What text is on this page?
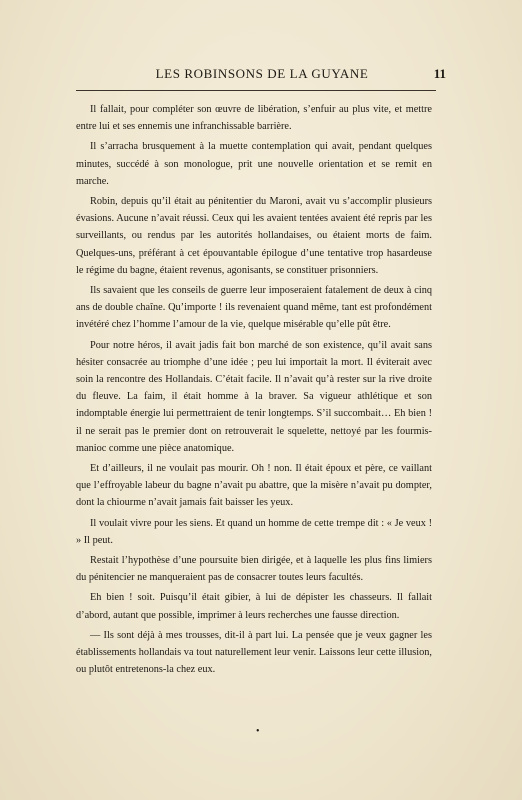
LES ROBINSONS DE LA GUYANE	11

Il fallait, pour compléter son œuvre de libération, s’enfuir au plus vite, et mettre entre lui et ses ennemis une infranchissable barrière.

Il s’arracha brusquement à la muette contemplation qui avait, pendant quelques minutes, succédé à son monologue, prit une nouvelle orientation et se remit en marche.

Robin, depuis qu’il était au pénitentier du Maroni, avait vu s’accomplir plusieurs évasions. Aucune n’avait réussi. Ceux qui les avaient tentées avaient été repris par les surveillants, ou rendus par les autorités hollandaises, ou étaient morts de faim. Quelques-uns, préférant à cet épouvantable épilogue d’une tentative trop hasardeuse le régime du bagne, étaient revenus, agonisants, se constituer prisonniers.

Ils savaient que les conseils de guerre leur imposeraient fatalement de deux à cinq ans de double chaîne. Qu’importe ! ils revenaient quand même, tant est profondément invétéré chez l’homme l’amour de la vie, quelque misérable qu’elle pût être.

Pour notre héros, il avait jadis fait bon marché de son existence, qu’il avait sans hésiter consacrée au triomphe d’une idée ; peu lui importait la mort. Il éviterait avec soin la rencontre des Hollandais. C’était facile. Il n’avait qu’à rester sur la rive droite du fleuve. La faim, il était homme à la braver. Sa vigueur athlétique et son indomptable énergie lui permettraient de tenir longtemps. S’il succombait… Eh bien ! il ne serait pas le premier dont on retrouverait le squelette, nettoyé par les fourmis-manioc comme une pièce anatomique.

Et d’ailleurs, il ne voulait pas mourir. Oh ! non. Il était époux et père, ce vaillant que l’effroyable labeur du bagne n’avait pu abattre, que la misère n’avait pu dompter, dont la chiourme n’avait jamais fait baisser les yeux.

Il voulait vivre pour les siens. Et quand un homme de cette trempe dit : « Je veux ! » Il peut.

Restait l’hypothèse d’une poursuite bien dirigée, et à laquelle les plus fins limiers du pénitencier ne manqueraient pas de consacrer toutes leurs facultés.

Eh bien ! soit. Puisqu’il était gibier, à lui de dépister les chasseurs. Il fallait d’abord, autant que possible, imprimer à leurs recherches une fausse direction.

— Ils sont déjà à mes trousses, dit-il à part lui. La pensée que je veux gagner les établissements hollandais va tout naturellement leur venir. Laissons leur cette illusion, ou plutôt entretenons-la chez eux.

•
